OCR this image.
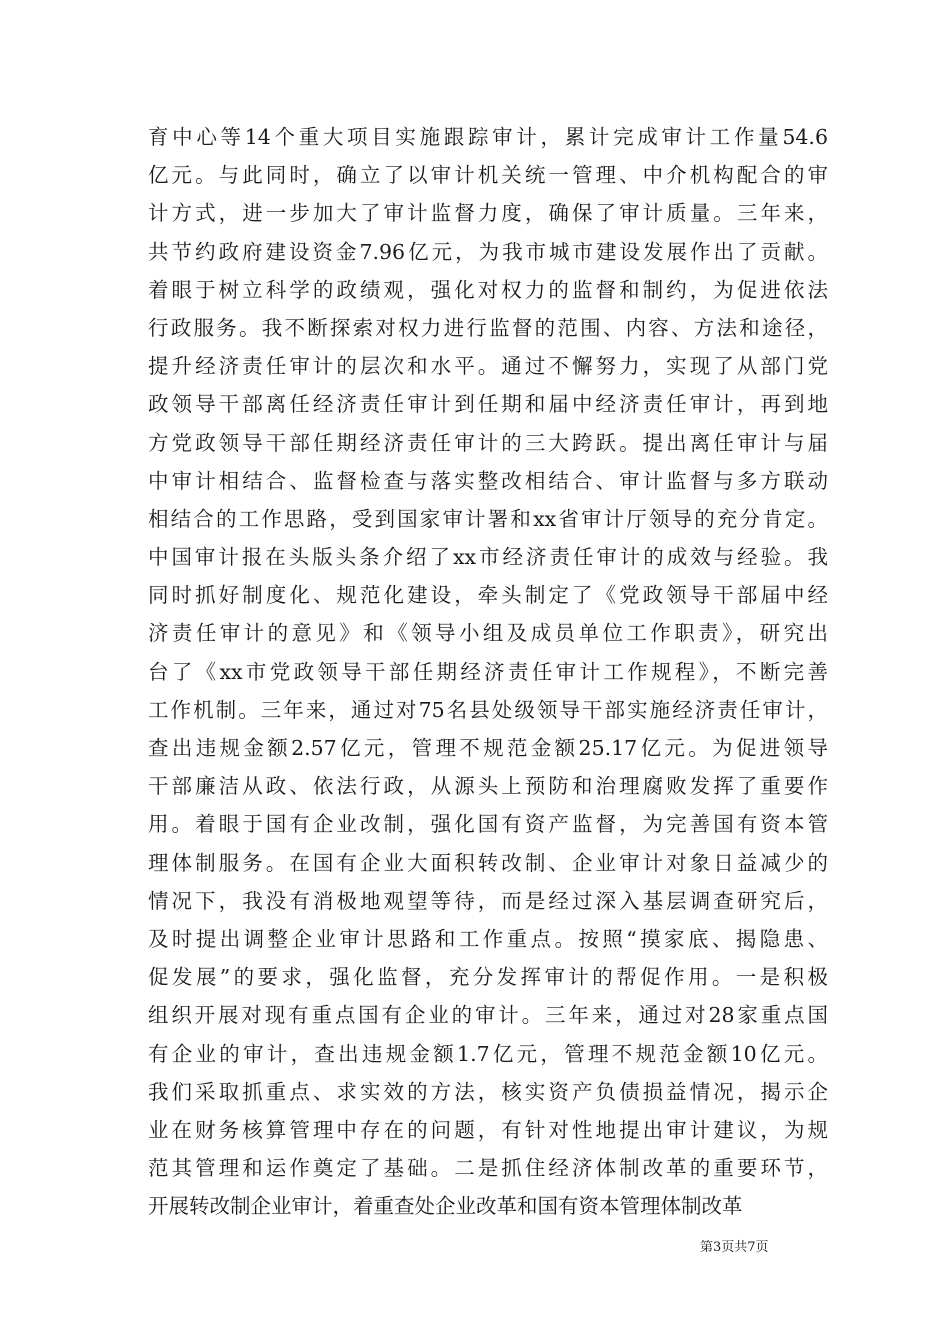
育中心等14个重大项目实施跟踪审计，累计完成审计工作量54.6
亿元。与此同时，确立了以审计机关统一管理、中介机构配合的审
计方式，进一步加大了审计监督力度，确保了审计质量。三年来，
共节约政府建设资金7.96亿元，为我市城市建设发展作出了贡献。
着眼于树立科学的政绩观，强化对权力的监督和制约，为促进依法
行政服务。我不断探索对权力进行监督的范围、内容、方法和途径，
提升经济责任审计的层次和水平。通过不懈努力，实现了从部门党
政领导干部离任经济责任审计到任期和届中经济责任审计，再到地
方党政领导干部任期经济责任审计的三大跨跃。提出离任审计与届
中审计相结合、监督检查与落实整改相结合、审计监督与多方联动
相结合的工作思路，受到国家审计署和xx省审计厅领导的充分肯定。
中国审计报在头版头条介绍了xx市经济责任审计的成效与经验。我
同时抓好制度化、规范化建设，牵头制定了《党政领导干部届中经
济责任审计的意见》和《领导小组及成员单位工作职责》，研究出
台了《xx市党政领导干部任期经济责任审计工作规程》，不断完善
工作机制。三年来，通过对75名县处级领导干部实施经济责任审计，
查出违规金额2.57亿元，管理不规范金额25.17亿元。为促进领导
干部廉洁从政、依法行政，从源头上预防和治理腐败发挥了重要作
用。着眼于国有企业改制，强化国有资产监督，为完善国有资本管
理体制服务。在国有企业大面积转改制、企业审计对象日益减少的
情况下，我没有消极地观望等待，而是经过深入基层调查研究后，
及时提出调整企业审计思路和工作重点。按照“摸家底、揭隐患、
促发展”的要求，强化监督，充分发挥审计的帮促作用。一是积极
组织开展对现有重点国有企业的审计。三年来，通过对28家重点国
有企业的审计，查出违规金额1.7亿元，管理不规范金额10亿元。
我们采取抓重点、求实效的方法，核实资产负债损益情况，揭示企
业在财务核算管理中存在的问题，有针对性地提出审计建议，为规
范其管理和运作奠定了基础。二是抓住经济体制改革的重要环节，
开展转改制企业审计，着重查处企业改革和国有资本管理体制改革
第3页共7页
